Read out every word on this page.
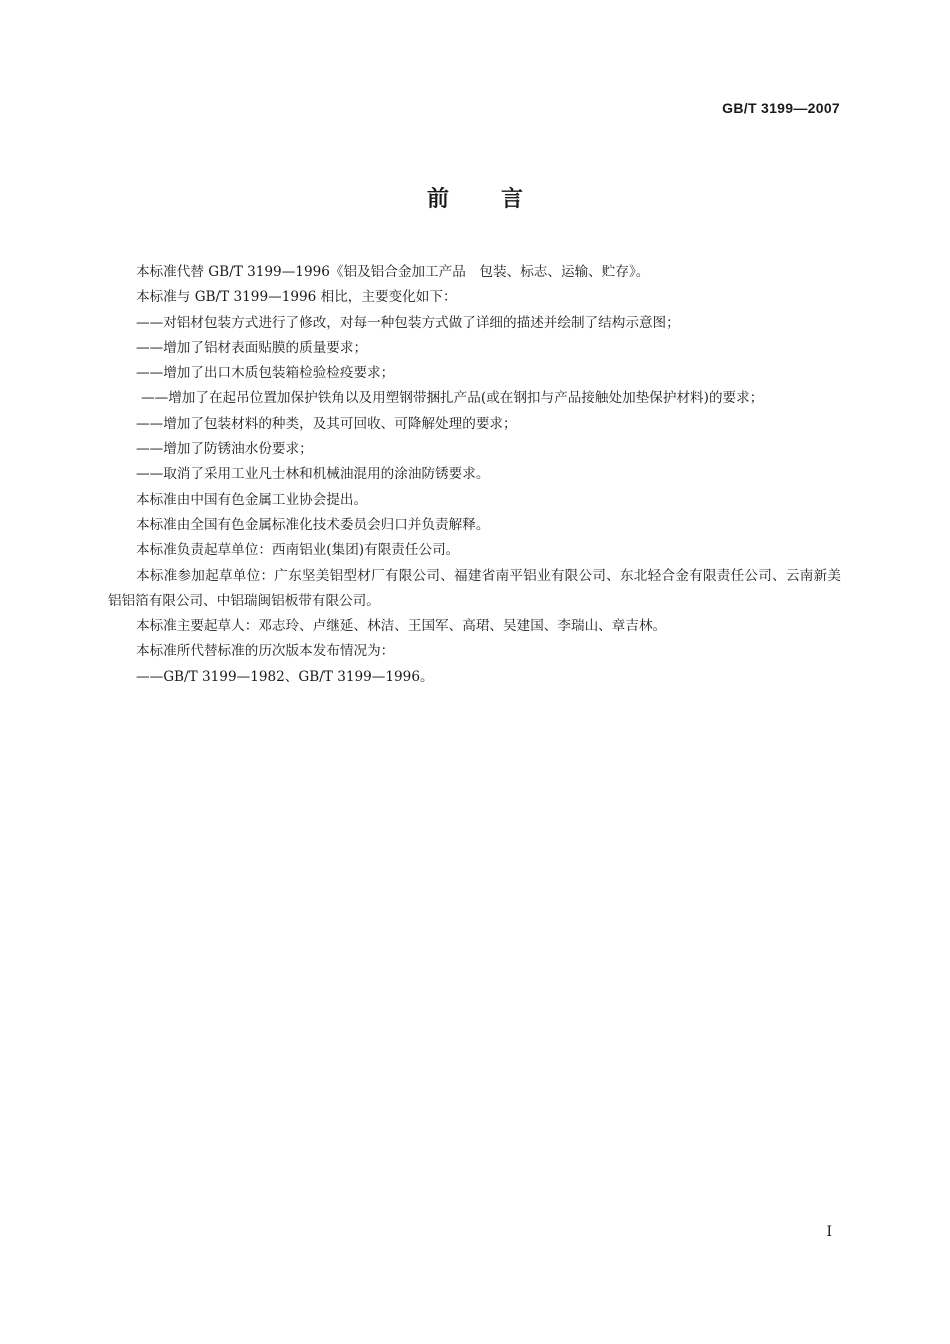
GB/T 3199—2007
前言

本标准代替 GB/T 3199—1996《铝及铝合金加工产品　包装、标志、运输、贮存》。

本标准与 GB/T 3199—1996 相比，主要变化如下：

——对铝材包装方式进行了修改，对每一种包装方式做了详细的描述并绘制了结构示意图；

——增加了铝材表面贴膜的质量要求；

——增加了出口木质包装箱检验检疫要求；

——增加了在起吊位置加保护铁角以及用塑钢带捆扎产品(或在钢扣与产品接触处加垫保护材料)的要求；

——增加了包装材料的种类，及其可回收、可降解处理的要求；

——增加了防锈油水份要求；

——取消了采用工业凡士林和机械油混用的涂油防锈要求。

本标准由中国有色金属工业协会提出。

本标准由全国有色金属标准化技术委员会归口并负责解释。

本标准负责起草单位：西南铝业(集团)有限责任公司。

本标准参加起草单位：广东坚美铝型材厂有限公司、福建省南平铝业有限公司、东北轻合金有限责任公司、云南新美铝铝箔有限公司、中铝瑞闽铝板带有限公司。

本标准主要起草人：邓志玲、卢继延、林洁、王国军、高珺、吴建国、李瑞山、章吉林。

本标准所代替标准的历次版本发布情况为：

——GB/T 3199—1982、GB/T 3199—1996。

I
